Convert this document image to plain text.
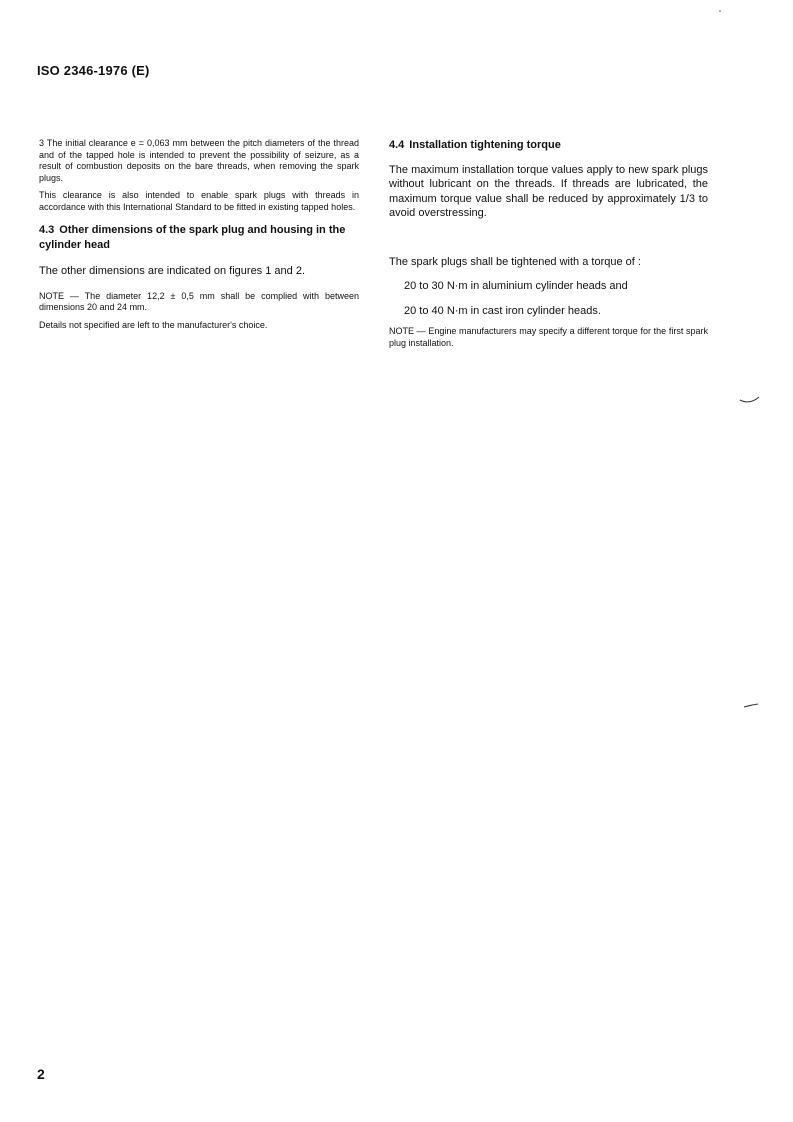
ISO 2346-1976 (E)

3 The initial clearance e = 0,063 mm between the pitch diameters of the thread and of the tapped hole is intended to prevent the possibility of seizure, as a result of combustion deposits on the bare threads, when removing the spark plugs.

This clearance is also intended to enable spark plugs with threads in accordance with this International Standard to be fitted in existing tapped holes.

4.3 Other dimensions of the spark plug and housing in the cylinder head

The other dimensions are indicated on figures 1 and 2.

NOTE — The diameter 12,2 ± 0,5 mm shall be complied with between dimensions 20 and 24 mm.

Details not specified are left to the manufacturer's choice.

4.4 Installation tightening torque

The maximum installation torque values apply to new spark plugs without lubricant on the threads. If threads are lubricated, the maximum torque value shall be reduced by approximately 1/3 to avoid overstressing.

The spark plugs shall be tightened with a torque of :

20 to 30 N·m in aluminium cylinder heads and

20 to 40 N·m in cast iron cylinder heads.

NOTE — Engine manufacturers may specify a different torque for the first spark plug installation.

2
